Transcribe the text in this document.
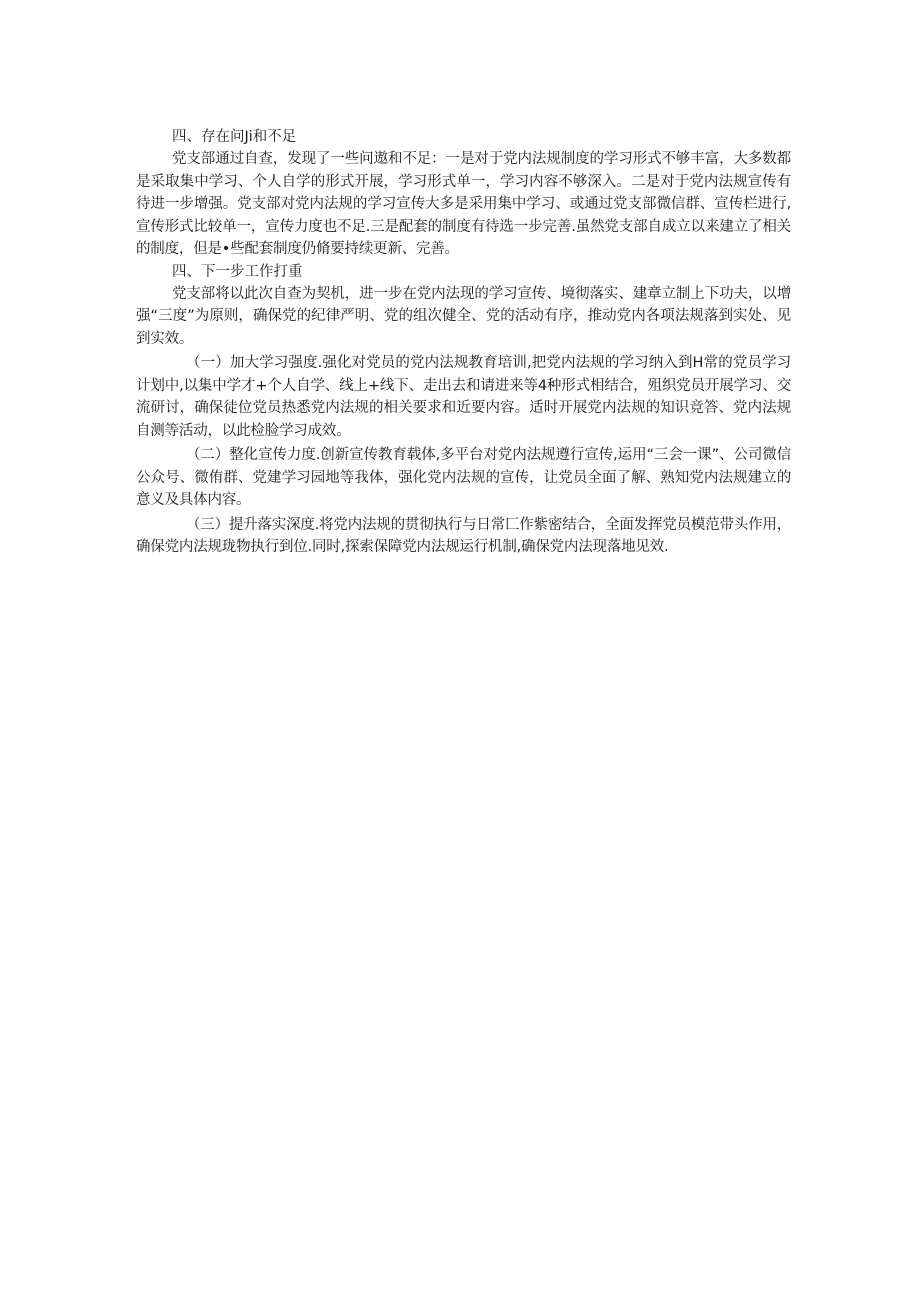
四、存在问Ji和不足

党支部通过自查，发现了一些问遨和不足：一是对于党内法规制度的学习形式不够丰富，大多数都是采取集中学习、个人自学的形式开展，学习形式单一，学习内容不够深入。二是对于党内法规宣传有待进一步增强。党支部对党内法规的学习宣传大多是采用集中学习、或通过党支部微信群、宣传栏进行,宣传形式比较单一，宣传力度也不足.三是配套的制度有待选一步完善.虽然党支部自成立以来建立了相关的制度，但是•些配套制度仍脩要持续更新、完善。

四、下一步工作打重

党支部将以此次自查为契机，进一步在党内法现的学习宣传、境彻落实、建章立制上下功夫，以增强“三度”为原则，确保党的纪律严明、党的组次健全、党的活动有序，推动党内各项法规落到实处、见到实效。

（一）加大学习强度.强化对党员的党内法规教育培训,把党内法规的学习纳入到H常的党员学习计划中,以集中学才+个人自学、线上+线下、走出去和请进来等4种形式相结合，殂织党员开展学习、交流研讨，确保徒位党员热悉党内法规的相关要求和近要内容。适时开展党内法规的知识竞答、党内法规自测等活动，以此检脸学习成效。

（二）整化宣传力度.创新宣传教育载体,多平台对党内法规遵行宣传,运用“三会一课”、公司微信公众号、微侑群、党建学习园地等我体，强化党内法规的宣传，让党员全面了解、熟知党内法规建立的意义及具体内容。

（三）提升落实深度.将党内法规的贯彻执行与日常匚作紫密结合，全面发挥党员模范带头作用，确保党内法规珑物执行到位.同时,探索保障党内法规运行机制,确保党内法现落地见效.
